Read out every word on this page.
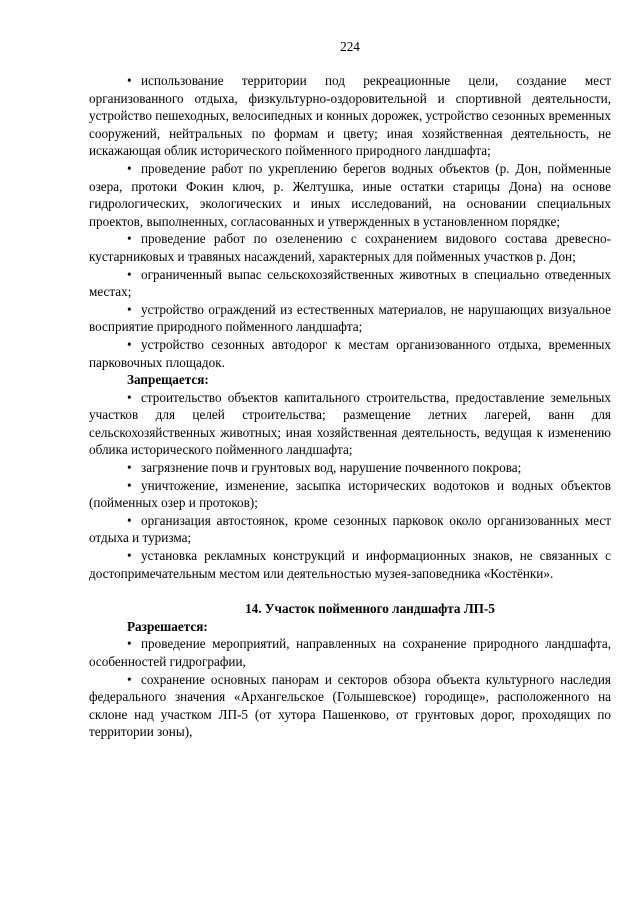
224

• использование территории под рекреационные цели, создание мест организованного отдыха, физкультурно-оздоровительной и спортивной деятельности, устройство пешеходных, велосипедных и конных дорожек, устройство сезонных временных сооружений, нейтральных по формам и цвету; иная хозяйственная деятельность, не искажающая облик исторического пойменного природного ландшафта;

• проведение работ по укреплению берегов водных объектов (р. Дон, пойменные озера, протоки Фокин ключ, р. Желтушка, иные остатки старицы Дона) на основе гидрологических, экологических и иных исследований, на основании специальных проектов, выполненных, согласованных и утвержденных в установленном порядке;

• проведение работ по озеленению с сохранением видового состава древесно-кустарниковых и травяных насаждений, характерных для пойменных участков р. Дон;

• ограниченный выпас сельскохозяйственных животных в специально отведенных местах;

• устройство ограждений из естественных материалов, не нарушающих визуальное восприятие природного пойменного ландшафта;

• устройство сезонных автодорог к местам организованного отдыха, временных парковочных площадок.

Запрещается:

• строительство объектов капитального строительства, предоставление земельных участков для целей строительства; размещение летних лагерей, ванн для сельскохозяйственных животных; иная хозяйственная деятельность, ведущая к изменению облика исторического пойменного ландшафта;

• загрязнение почв и грунтовых вод, нарушение почвенного покрова;

• уничтожение, изменение, засыпка исторических водотоков и водных объектов (пойменных озер и протоков);

• организация автостоянок, кроме сезонных парковок около организованных мест отдыха и туризма;

• установка рекламных конструкций и информационных знаков, не связанных с достопримечательным местом или деятельностью музея-заповедника «Костёнки».

14. Участок пойменного ландшафта ЛП-5

Разрешается:

• проведение мероприятий, направленных на сохранение природного ландшафта, особенностей гидрографии,

• сохранение основных панорам и секторов обзора объекта культурного наследия федерального значения «Архангельское (Голышевское) городище», расположенного на склоне над участком ЛП-5 (от хутора Пашенково, от грунтовых дорог, проходящих по территории зоны),
